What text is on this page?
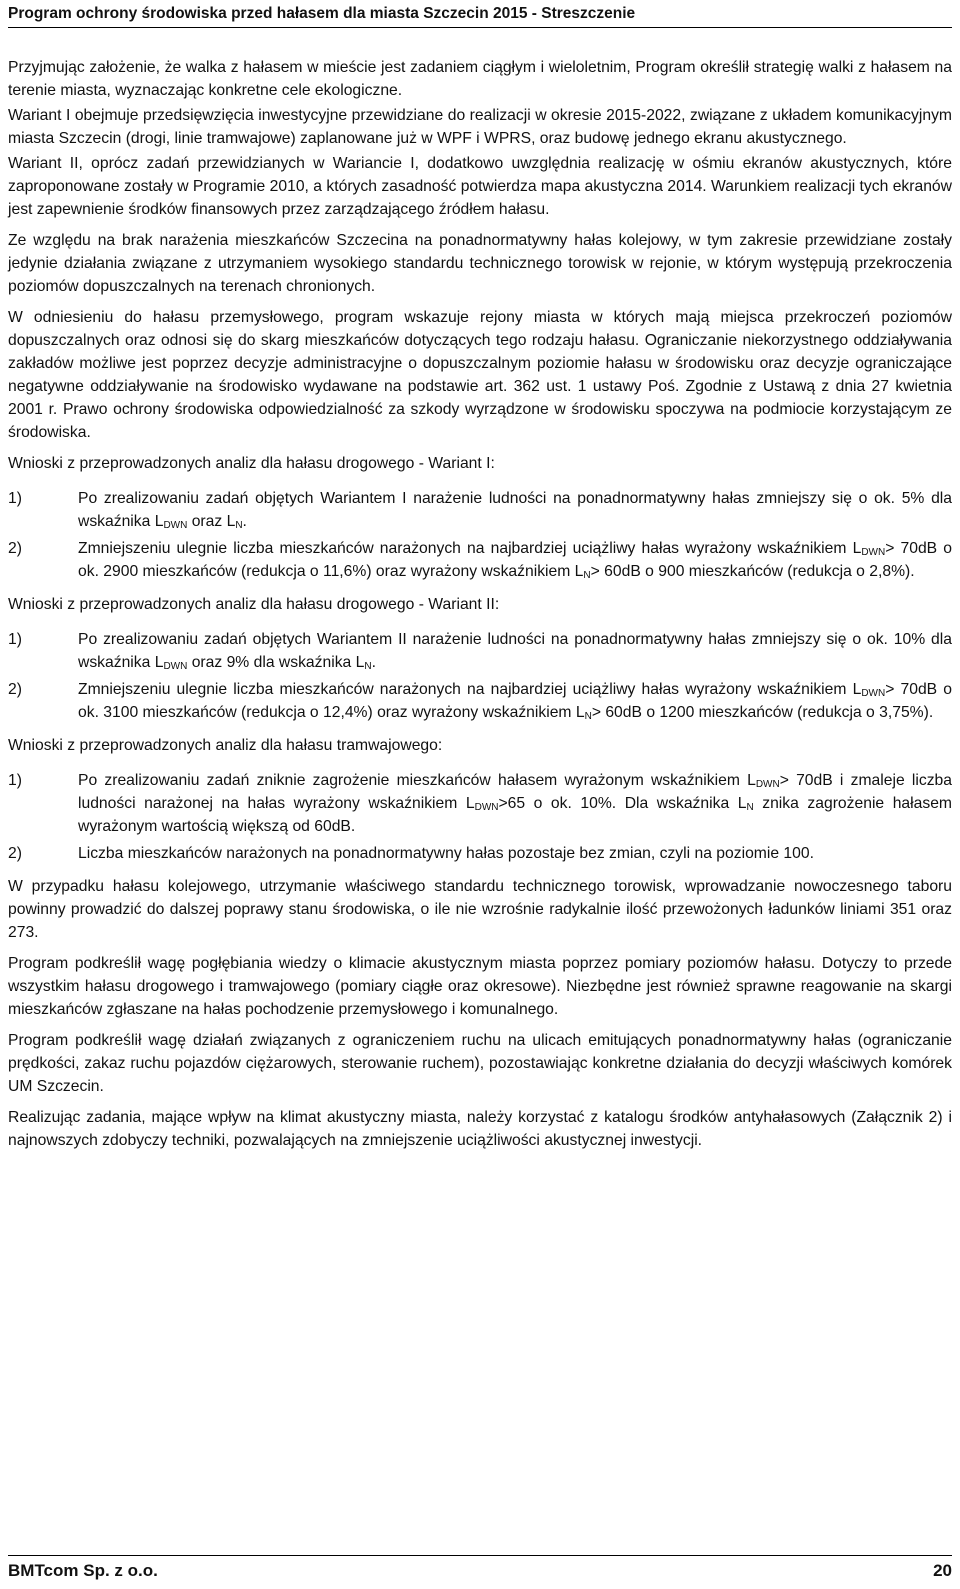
Program ochrony środowiska przed hałasem dla miasta Szczecin 2015 - Streszczenie

Przyjmując założenie, że walka z hałasem w mieście jest zadaniem ciągłym i wieloletnim, Program określił strategię walki z hałasem na terenie miasta, wyznaczając konkretne cele ekologiczne.

Wariant I obejmuje przedsięwzięcia inwestycyjne przewidziane do realizacji w okresie 2015-2022, związane z układem komunikacyjnym miasta Szczecin (drogi, linie tramwajowe) zaplanowane już w WPF i WPRS, oraz budowę jednego ekranu akustycznego.

Wariant II, oprócz zadań przewidzianych w Wariancie I, dodatkowo uwzględnia realizację w ośmiu ekranów akustycznych, które zaproponowane zostały w Programie 2010, a których zasadność potwierdza mapa akustyczna 2014. Warunkiem realizacji tych ekranów jest zapewnienie środków finansowych przez zarządzającego źródłem hałasu.

Ze względu na brak narażenia mieszkańców Szczecina na ponadnormatywny hałas kolejowy, w tym zakresie przewidziane zostały jedynie działania związane z utrzymaniem wysokiego standardu technicznego torowisk w rejonie, w którym występują przekroczenia poziomów dopuszczalnych na terenach chronionych.

W odniesieniu do hałasu przemysłowego, program wskazuje rejony miasta w których mają miejsca przekroczeń poziomów dopuszczalnych oraz odnosi się do skarg mieszkańców dotyczących tego rodzaju hałasu. Ograniczanie niekorzystnego oddziaływania zakładów możliwe jest poprzez decyzje administracyjne o dopuszczalnym poziomie hałasu w środowisku oraz decyzje ograniczające negatywne oddziaływanie na środowisko wydawane na podstawie art. 362 ust. 1 ustawy Poś. Zgodnie z Ustawą z dnia 27 kwietnia 2001 r. Prawo ochrony środowiska odpowiedzialność za szkody wyrządzone w środowisku spoczywa na podmiocie korzystającym ze środowiska.

Wnioski z przeprowadzonych analiz dla hałasu drogowego - Wariant I:

1)	Po zrealizowaniu zadań objętych Wariantem I narażenie ludności na ponadnormatywny hałas zmniejszy się o ok. 5% dla wskaźnika $L_{DWN}$ oraz $L_N$.
2)	Zmniejszeniu ulegnie liczba mieszkańców narażonych na najbardziej uciążliwy hałas wyrażony wskaźnikiem $L_{DWN}> 70dB$ o ok. 2900 mieszkańców (redukcja o 11,6%) oraz wyrażony wskaźnikiem $L_N> 60dB$ o 900 mieszkańców (redukcja o 2,8%).

Wnioski z przeprowadzonych analiz dla hałasu drogowego - Wariant II:

1)	Po zrealizowaniu zadań objętych Wariantem II narażenie ludności na ponadnormatywny hałas zmniejszy się o ok. 10% dla wskaźnika $L_{DWN}$ oraz 9% dla wskaźnika $L_N$.
2)	Zmniejszeniu ulegnie liczba mieszkańców narażonych na najbardziej uciążliwy hałas wyrażony wskaźnikiem $L_{DWN}> 70dB$ o ok. 3100 mieszkańców (redukcja o 12,4%) oraz wyrażony wskaźnikiem $L_N> 60dB$ o 1200 mieszkańców (redukcja o 3,75%).

Wnioski z przeprowadzonych analiz dla hałasu tramwajowego:

1)	Po zrealizowaniu zadań zniknie zagrożenie mieszkańców hałasem wyrażonym wskaźnikiem $L_{DWN}> 70dB$ i zmaleje liczba ludności narażonej na hałas wyrażony wskaźnikiem $L_{DWN}>65$ o ok. 10%. Dla wskaźnika $L_N$ znika zagrożenie hałasem wyrażonym wartością większą od 60dB.
2)	Liczba mieszkańców narażonych na ponadnormatywny hałas pozostaje bez zmian, czyli na poziomie 100.

W przypadku hałasu kolejowego, utrzymanie właściwego standardu technicznego torowisk, wprowadzanie nowoczesnego taboru powinny prowadzić do dalszej poprawy stanu środowiska, o ile nie wzrośnie radykalnie ilość przewożonych ładunków liniami 351 oraz 273.

Program podkreślił wagę pogłębiania wiedzy o klimacie akustycznym miasta poprzez pomiary poziomów hałasu. Dotyczy to przede wszystkim hałasu drogowego i tramwajowego (pomiary ciągłe oraz okresowe). Niezbędne jest również sprawne reagowanie na skargi mieszkańców zgłaszane na hałas pochodzenie przemysłowego i komunalnego.

Program podkreślił wagę działań związanych z ograniczeniem ruchu na ulicach emitujących ponadnormatywny hałas (ograniczanie prędkości, zakaz ruchu pojazdów ciężarowych, sterowanie ruchem), pozostawiając konkretne działania do decyzji właściwych komórek UM Szczecin.

Realizując zadania, mające wpływ na klimat akustyczny miasta, należy korzystać z katalogu środków antyhałasowych (Załącznik 2) i najnowszych zdobyczy techniki, pozwalających na zmniejszenie uciążliwości akustycznej inwestycji.

BMTcom Sp. z o.o.	20
